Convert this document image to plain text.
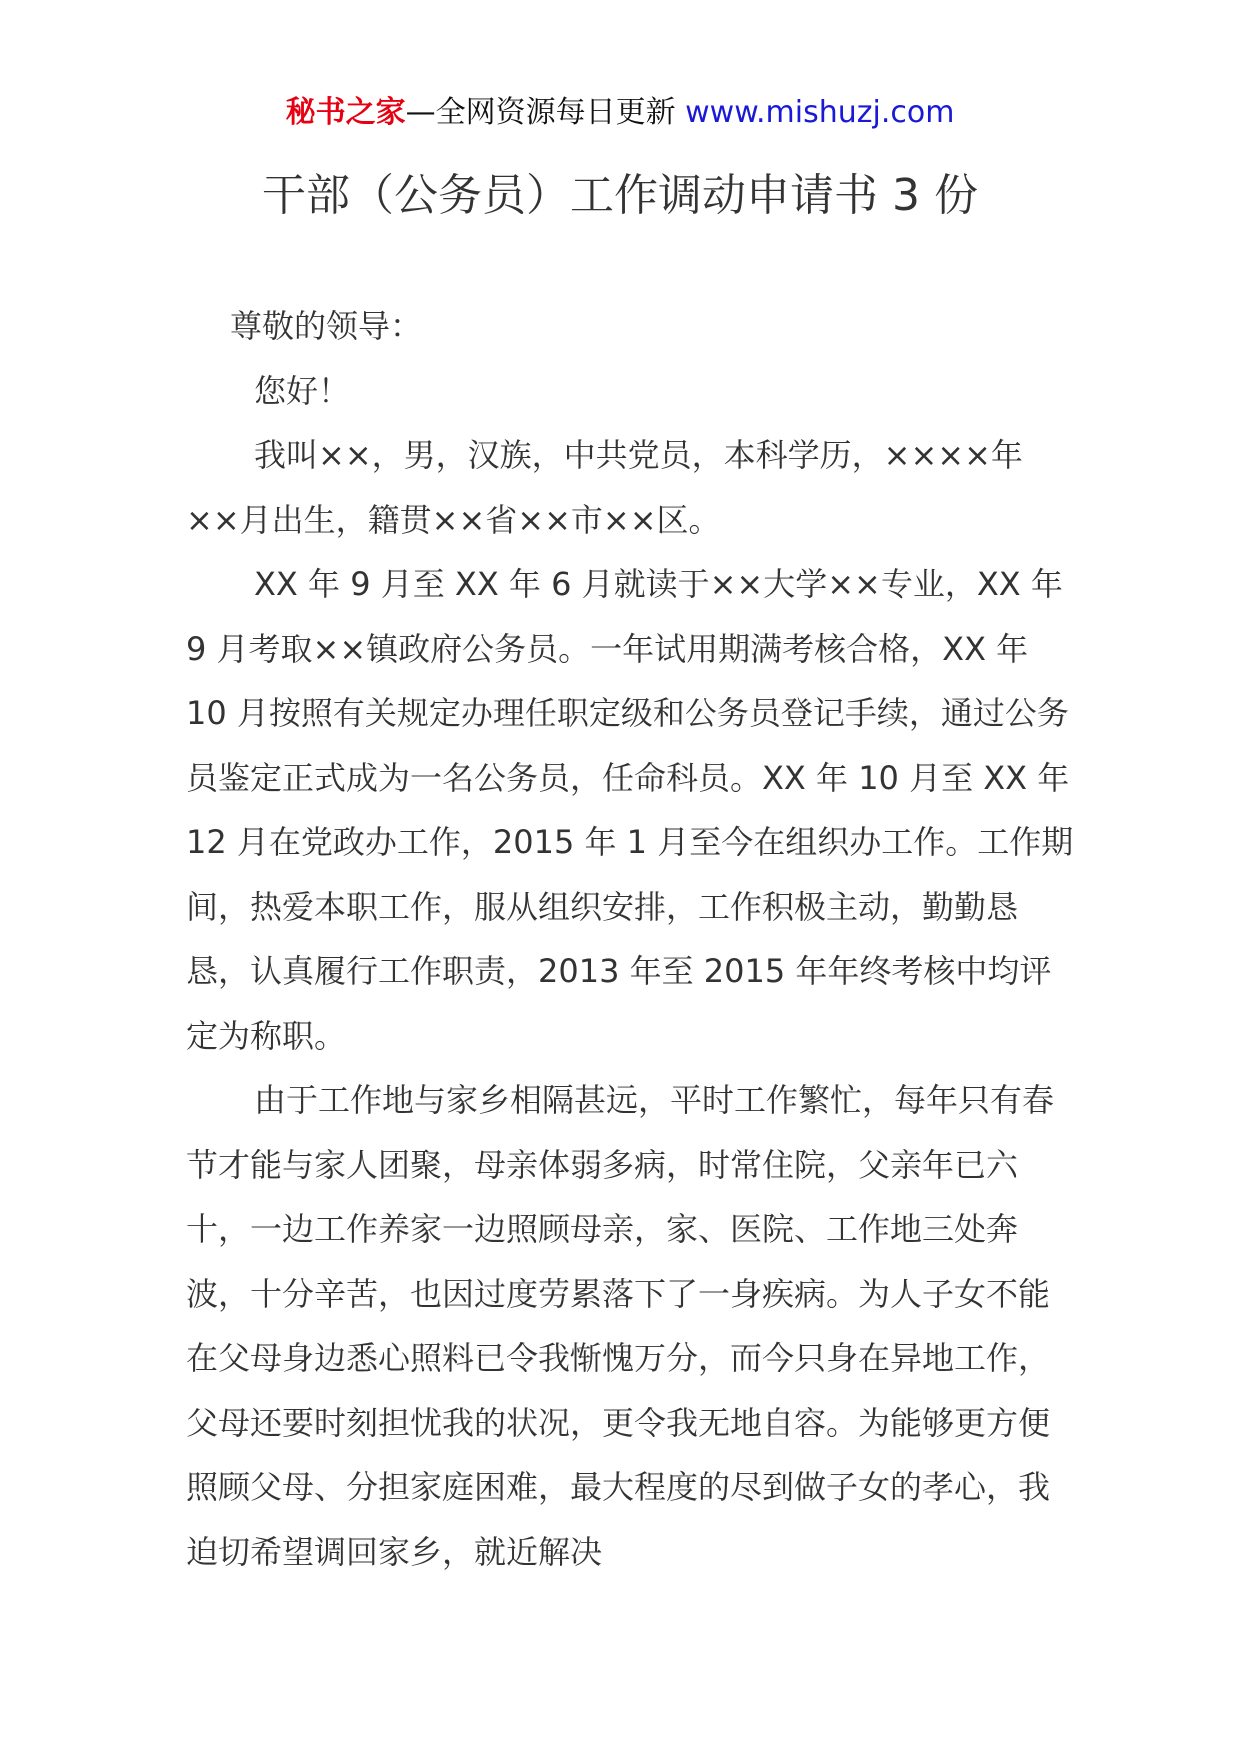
秘书之家—全网资源每日更新 www.mishuzj.com
干部（公务员）工作调动申请书 3 份

尊敬的领导：

您好！

我叫××，男，汉族，中共党员，本科学历，××××年××月出生，籍贯××省××市××区。

XX 年 9 月至 XX 年 6 月就读于××大学××专业，XX 年 9 月考取××镇政府公务员。一年试用期满考核合格，XX 年 10 月按照有关规定办理任职定级和公务员登记手续，通过公务员鉴定正式成为一名公务员，任命科员。XX 年 10 月至 XX 年 12 月在党政办工作，2015 年 1 月至今在组织办工作。工作期间，热爱本职工作，服从组织安排，工作积极主动，勤勤恳恳，认真履行工作职责，2013 年至 2015 年年终考核中均评定为称职。

由于工作地与家乡相隔甚远，平时工作繁忙，每年只有春节才能与家人团聚，母亲体弱多病，时常住院，父亲年已六十，一边工作养家一边照顾母亲，家、医院、工作地三处奔波，十分辛苦，也因过度劳累落下了一身疾病。为人子女不能在父母身边悉心照料已令我惭愧万分，而今只身在异地工作，父母还要时刻担忧我的状况，更令我无地自容。为能够更方便照顾父母、分担家庭困难，最大程度的尽到做子女的孝心，我迫切希望调回家乡，就近解决
